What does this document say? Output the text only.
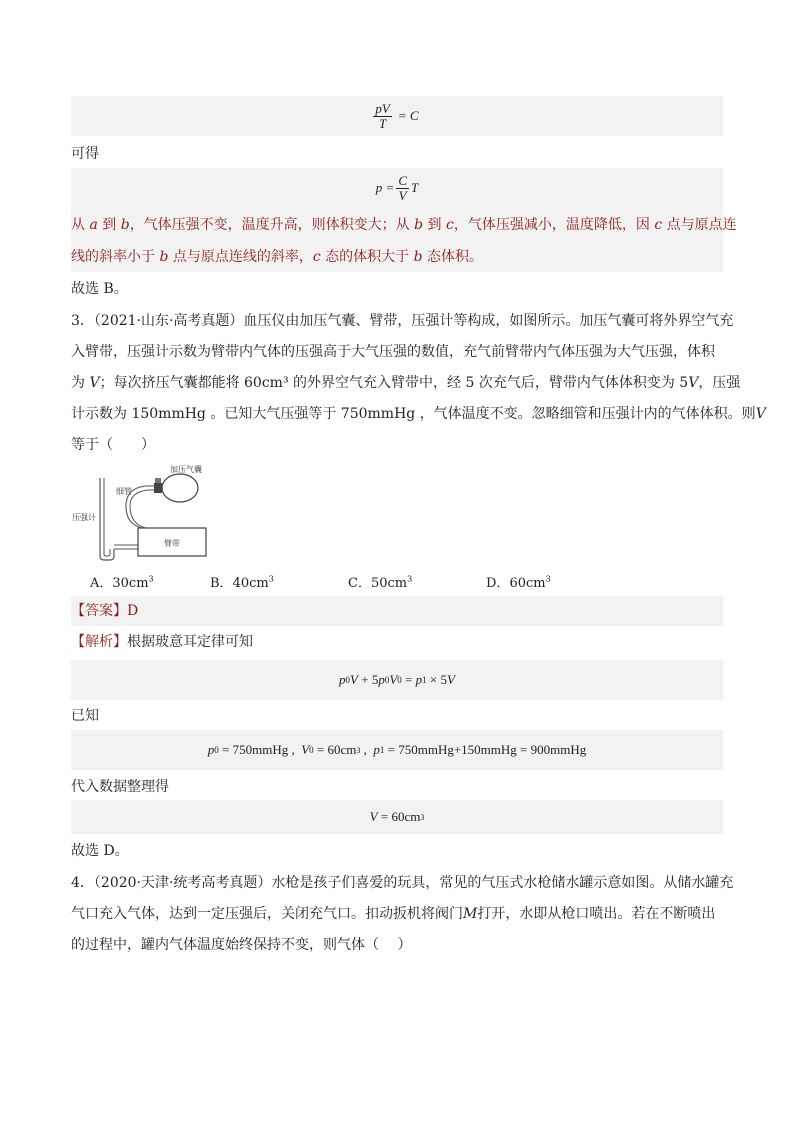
$\frac{pV}{T} = C$
可得
$p = \frac{C}{V}$ T
从 a 到 b，气体压强不变，温度升高，则体积变大；从 b 到 c，气体压强减小，温度降低，因 c 点与原点连
线的斜率小于 b 点与原点连线的斜率，c 态的体积大于 b 态体积。
故选 B。
3．（2021·山东·高考真题）血压仪由加压气囊、臂带，压强计等构成，如图所示。加压气囊可将外界空气充
入臂带，压强计示数为臂带内气体的压强高于大气压强的数值，充气前臂带内气体压强为大气压强，体积
为 V；每次挤压气囊都能将 60cm³ 的外界空气充入臂带中，经 5 次充气后，臂带内气体体积变为 5V，压强
计示数为 150mmHg 。已知大气压强等于 750mmHg ，气体温度不变。忽略细管和压强计内的气体体积。则V
等于（　　）
臂带
加压气囊
细管
压强计
A．$30cm^3$	B．$40cm^3$	C．$50cm^3$	D．$60cm^3$
【答案】D
【解析】根据玻意耳定律可知
p 0 V + 5 p 0 V 0 = p 1 × 5 V
已知
p 0 = 750mmHg , V 0 = 60cm 3 , p 1 = 750mmHg+150mmHg = 900mmHg
代入数据整理得
V = 60cm 3
故选 D。
4．（2020·天津·统考高考真题）水枪是孩子们喜爱的玩具，常见的气压式水枪储水罐示意如图。从储水罐充
气口充入气体，达到一定压强后，关闭充气口。扣动扳机将阀门M打开，水即从枪口喷出。若在不断喷出
的过程中，罐内气体温度始终保持不变，则气体（　 ）
